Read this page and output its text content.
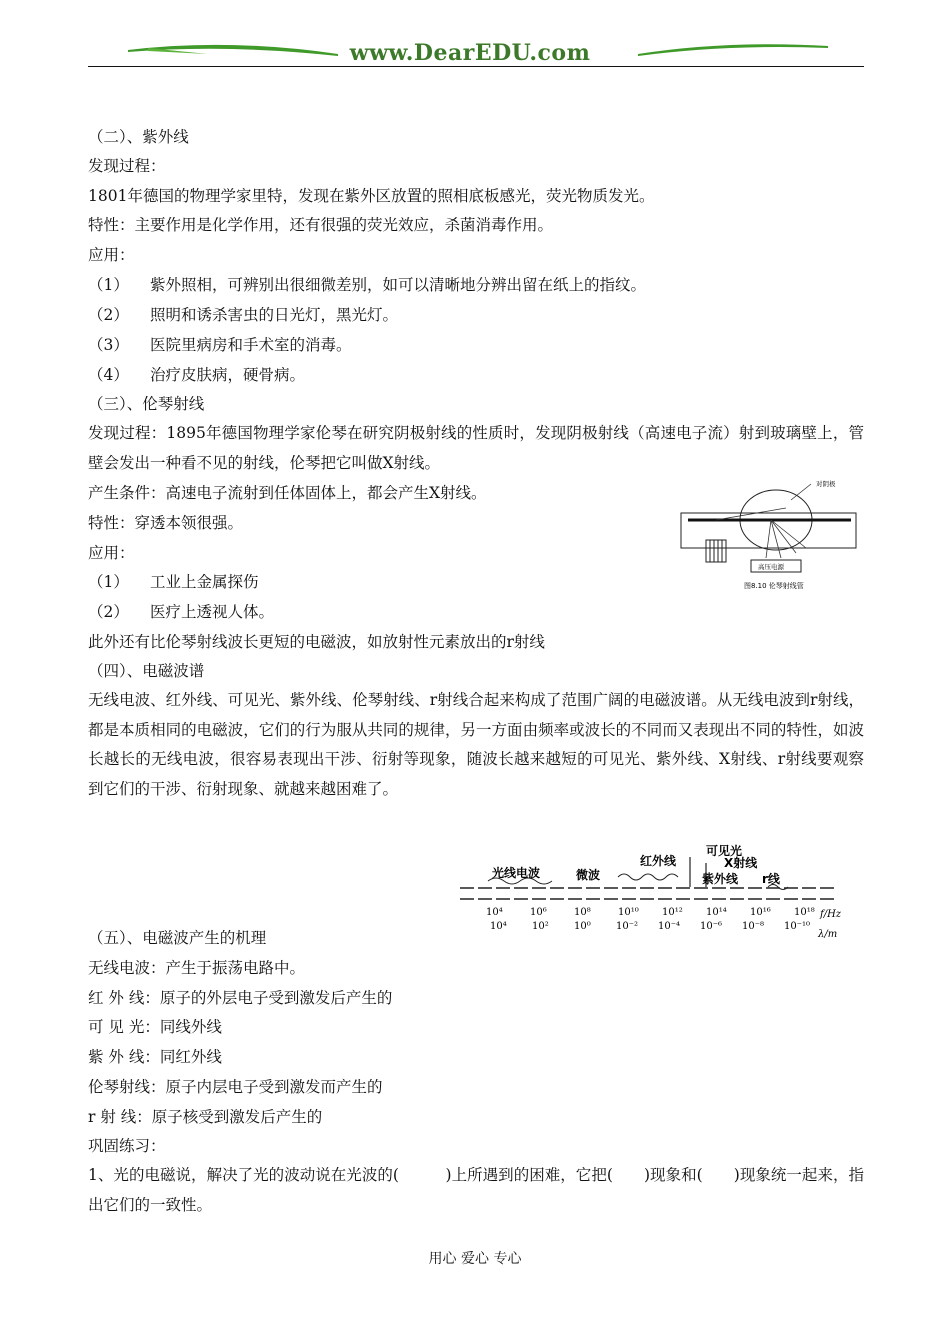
www.DearEDU.com
（二）、紫外线
发现过程：
1801年德国的物理学家里特，发现在紫外区放置的照相底板感光，荧光物质发光。
特性：主要作用是化学作用，还有很强的荧光效应，杀菌消毒作用。
应用：
（1） 紫外照相，可辨别出很细微差别，如可以清晰地分辨出留在纸上的指纹。
（2） 照明和诱杀害虫的日光灯，黑光灯。
（3） 医院里病房和手术室的消毒。
（4） 治疗皮肤病，硬骨病。
（三）、伦琴射线
发现过程：1895年德国物理学家伦琴在研究阴极射线的性质时，发现阴极射线（高速电子流）射到玻璃壁上，管壁会发出一种看不见的射线，伦琴把它叫做X射线。
产生条件：高速电子流射到任体固体上，都会产生X射线。
特性：穿透本领很强。
应用：
（1） 工业上金属探伤
（2） 医疗上透视人体。
此外还有比伦琴射线波长更短的电磁波，如放射性元素放出的r射线
高压电源
对阴极
图8.10 伦琴射线管
（四）、电磁波谱
无线电波、红外线、可见光、紫外线、伦琴射线、r射线合起来构成了范围广阔的电磁波谱。从无线电波到r射线，都是本质相同的电磁波，它们的行为服从共同的规律，另一方面由频率或波长的不同而又表现出不同的特性，如波长越长的无线电波，很容易表现出干涉、衍射等现象，随波长越来越短的可见光、紫外线、X射线、r射线要观察到它们的干涉、衍射现象、就越来越困难了。
光线电波	微波
红外线
可见光
X射线
紫外线 r线
10⁴	10⁶	10⁸	10¹⁰ 10¹² 10¹⁴ 10¹⁶ 10¹⁸
10⁴	10²	10⁰	10⁻² 10⁻⁴ 10⁻⁶ 10⁻⁸ 10⁻¹⁰
f/Hz
λ/m
（五）、电磁波产生的机理
无线电波：产生于振荡电路中。
红 外 线：原子的外层电子受到激发后产生的
可 见 光：同线外线
紫 外 线：同红外线
伦琴射线：原子内层电子受到激发而产生的
r 射 线：原子核受到激发后产生的
巩固练习：
1、光的电磁说，解决了光的波动说在光波的(　　　)上所遇到的困难，它把(　　)现象和(　　)现象统一起来，指出它们的一致性。
用心 爱心 专心
